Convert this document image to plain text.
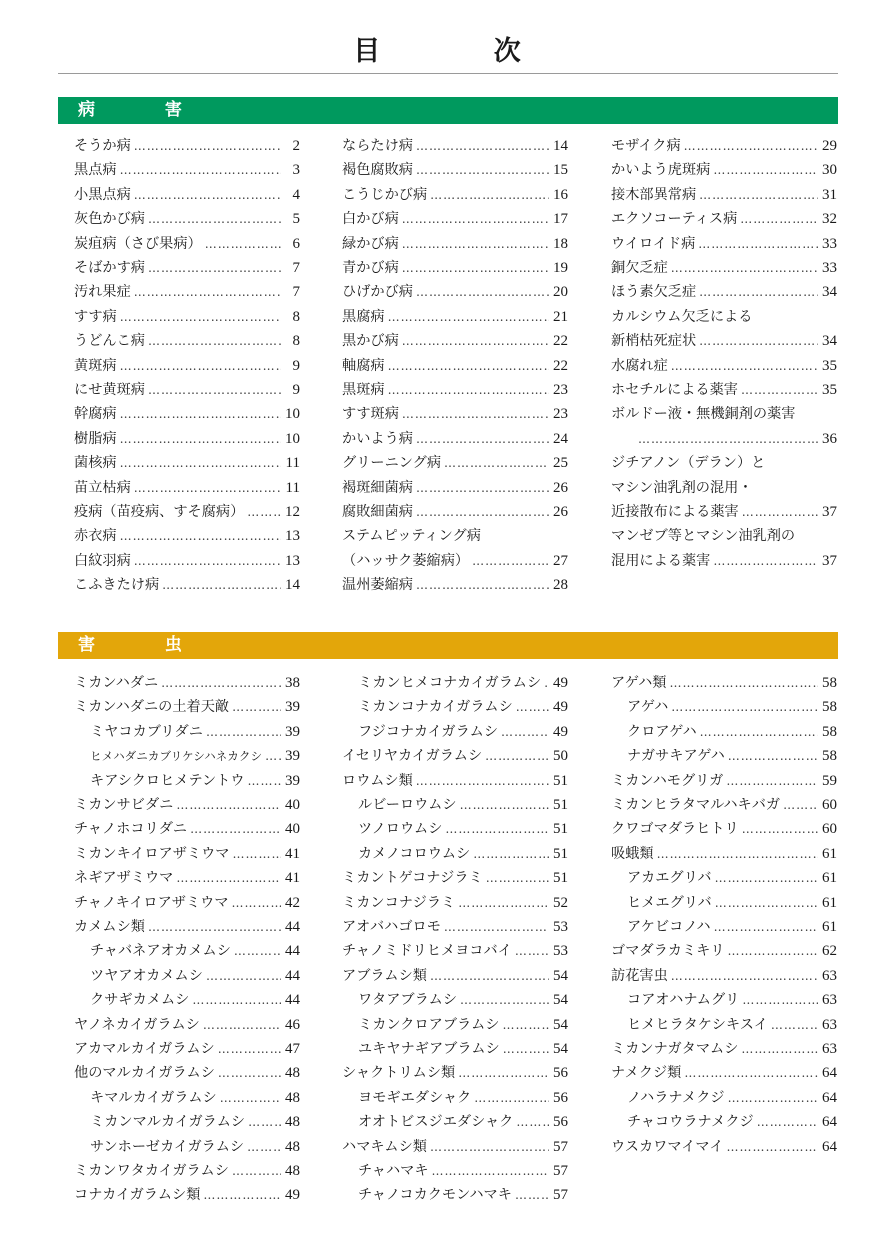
目 次
病 害
そうか病 …………………………………………………………………………………………	2
黒点病 …………………………………………………………………………………………	3
小黒点病 …………………………………………………………………………………………	4
灰色かび病 …………………………………………………………………………………………	5
炭疽病（さび果病） …………………………………………………………………………………………	6
そばかす病 …………………………………………………………………………………………	7
汚れ果症 …………………………………………………………………………………………	7
すす病 …………………………………………………………………………………………	8
うどんこ病 …………………………………………………………………………………………	8
黄斑病 …………………………………………………………………………………………	9
にせ黄斑病 …………………………………………………………………………………………	9
幹腐病 …………………………………………………………………………………………	10
樹脂病 …………………………………………………………………………………………	10
菌核病 …………………………………………………………………………………………	11
苗立枯病 …………………………………………………………………………………………	11
疫病（苗疫病、すそ腐病） …………………………………………………………………………………………	12
赤衣病 …………………………………………………………………………………………	13
白紋羽病 …………………………………………………………………………………………	13
こふきたけ病 …………………………………………………………………………………………	14
ならたけ病 …………………………………………………………………………………………	14
褐色腐敗病 …………………………………………………………………………………………	15
こうじかび病 …………………………………………………………………………………………	16
白かび病 …………………………………………………………………………………………	17
緑かび病 …………………………………………………………………………………………	18
青かび病 …………………………………………………………………………………………	19
ひげかび病 …………………………………………………………………………………………	20
黒腐病 …………………………………………………………………………………………	21
黒かび病 …………………………………………………………………………………………	22
軸腐病 …………………………………………………………………………………………	22
黒斑病 …………………………………………………………………………………………	23
すす斑病 …………………………………………………………………………………………	23
かいよう病 …………………………………………………………………………………………	24
グリーニング病 …………………………………………………………………………………………	25
褐斑細菌病 …………………………………………………………………………………………	26
腐敗細菌病 …………………………………………………………………………………………	26
ステムピッティング病
（ハッサク萎縮病） …………………………………………………………………………………………	27
温州萎縮病 …………………………………………………………………………………………	28
モザイク病 …………………………………………………………………………………………	29
かいよう虎斑病 …………………………………………………………………………………………	30
接木部異常病 …………………………………………………………………………………………	31
エクソコーティス病 …………………………………………………………………………………………	32
ウイロイド病 …………………………………………………………………………………………	33
銅欠乏症 …………………………………………………………………………………………	33
ほう素欠乏症 …………………………………………………………………………………………	34
カルシウム欠乏による
新梢枯死症状 …………………………………………………………………………………………	34
水腐れ症 …………………………………………………………………………………………	35
ホセチルによる薬害 …………………………………………………………………………………………	35
ボルドー液・無機銅剤の薬害
…………………………………………………………………………………………
36
ジチアノン（デラン）と
マシン油乳剤の混用・
近接散布による薬害 …………………………………………………………………………………………	37
マンゼブ等とマシン油乳剤の
混用による薬害 …………………………………………………………………………………………	37
害 虫
ミカンハダニ …………………………………………………………………………………………	38
ミカンハダニの土着天敵 …………………………………………………………………………………………	39
ミヤコカブリダニ …………………………………………………………………………………………	39
ヒメハダニカブリケシハネカクシ ………………………………………………………………………………………… 39
キアシクロヒメテントウ …………………………………………………………………………………………	39
ミカンサビダニ …………………………………………………………………………………………	40
チャノホコリダニ …………………………………………………………………………………………	40
ミカンキイロアザミウマ …………………………………………………………………………………………	41
ネギアザミウマ …………………………………………………………………………………………	41
チャノキイロアザミウマ …………………………………………………………………………………………	42
カメムシ類 …………………………………………………………………………………………	44
チャバネアオカメムシ …………………………………………………………………………………………	44
ツヤアオカメムシ …………………………………………………………………………………………	44
クサギカメムシ …………………………………………………………………………………………	44
ヤノネカイガラムシ …………………………………………………………………………………………	46
アカマルカイガラムシ …………………………………………………………………………………………	47
他のマルカイガラムシ …………………………………………………………………………………………	48
キマルカイガラムシ …………………………………………………………………………………………	48
ミカンマルカイガラムシ …………………………………………………………………………………………	48
サンホーゼカイガラムシ …………………………………………………………………………………………	48
ミカンワタカイガラムシ …………………………………………………………………………………………	48
コナカイガラムシ類 …………………………………………………………………………………………	49
ミカンヒメコナカイガラムシ ………………………………………………………………………………………… 49
ミカンコナカイガラムシ …………………………………………………………………………………………	49
フジコナカイガラムシ …………………………………………………………………………………………	49
イセリヤカイガラムシ …………………………………………………………………………………………	50
ロウムシ類 …………………………………………………………………………………………	51
ルビーロウムシ …………………………………………………………………………………………	51
ツノロウムシ …………………………………………………………………………………………	51
カメノコロウムシ …………………………………………………………………………………………	51
ミカントゲコナジラミ …………………………………………………………………………………………	51
ミカンコナジラミ …………………………………………………………………………………………	52
アオバハゴロモ …………………………………………………………………………………………	53
チャノミドリヒメヨコバイ …………………………………………………………………………………………	53
アブラムシ類 …………………………………………………………………………………………	54
ワタアブラムシ …………………………………………………………………………………………	54
ミカンクロアブラムシ …………………………………………………………………………………………	54
ユキヤナギアブラムシ …………………………………………………………………………………………	54
シャクトリムシ類 …………………………………………………………………………………………	56
ヨモギエダシャク …………………………………………………………………………………………	56
オオトビスジエダシャク …………………………………………………………………………………………	56
ハマキムシ類 …………………………………………………………………………………………	57
チャハマキ …………………………………………………………………………………………	57
チャノコカクモンハマキ …………………………………………………………………………………………	57
アゲハ類 …………………………………………………………………………………………	58
アゲハ …………………………………………………………………………………………	58
クロアゲハ …………………………………………………………………………………………	58
ナガサキアゲハ …………………………………………………………………………………………	58
ミカンハモグリガ …………………………………………………………………………………………	59
ミカンヒラタマルハキバガ …………………………………………………………………………………………	60
クワゴマダラヒトリ …………………………………………………………………………………………	60
吸蛾類 …………………………………………………………………………………………	61
アカエグリバ …………………………………………………………………………………………	61
ヒメエグリバ …………………………………………………………………………………………	61
アケビコノハ …………………………………………………………………………………………	61
ゴマダラカミキリ …………………………………………………………………………………………	62
訪花害虫 …………………………………………………………………………………………	63
コアオハナムグリ …………………………………………………………………………………………	63
ヒメヒラタケシキスイ …………………………………………………………………………………………	63
ミカンナガタマムシ …………………………………………………………………………………………	63
ナメクジ類 …………………………………………………………………………………………	64
ノハラナメクジ …………………………………………………………………………………………	64
チャコウラナメクジ …………………………………………………………………………………………	64
ウスカワマイマイ …………………………………………………………………………………………	64
